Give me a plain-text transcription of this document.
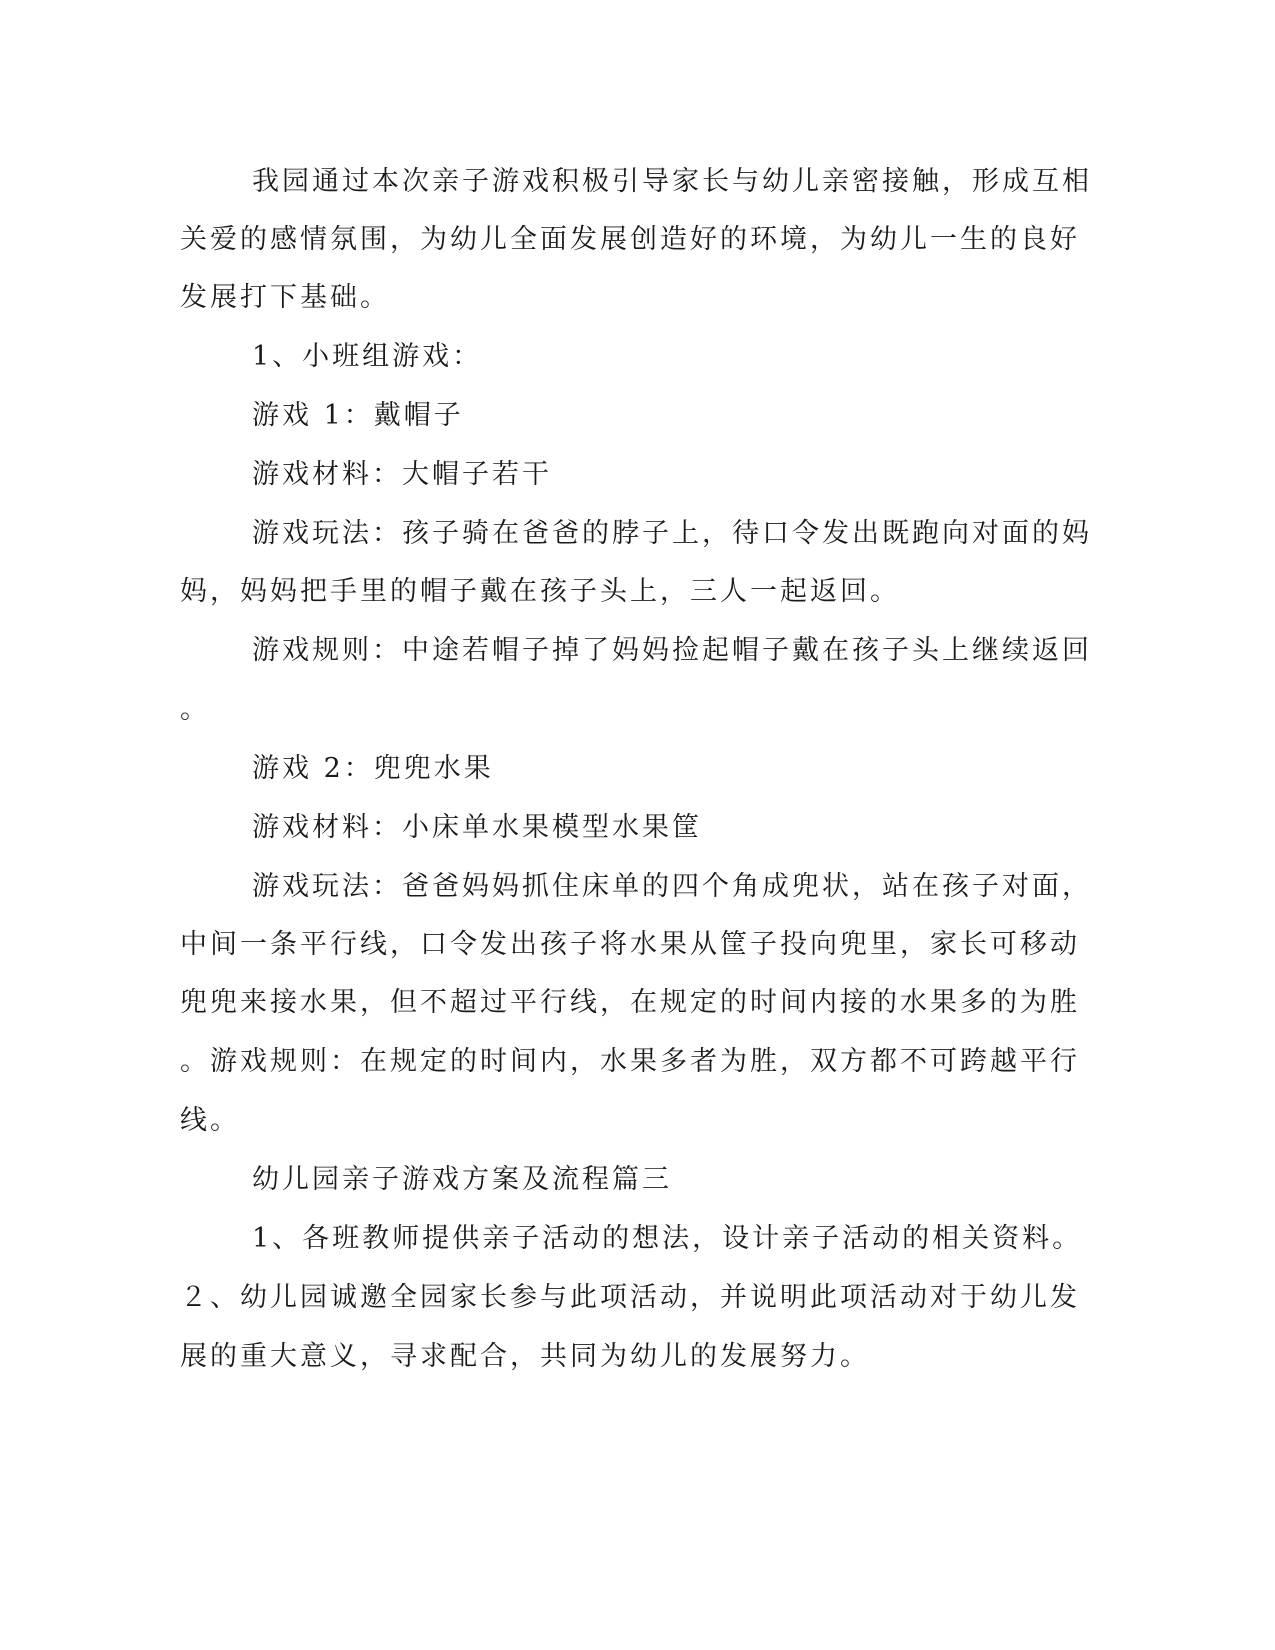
我园通过本次亲子游戏积极引导家长与幼儿亲密接触，形成互相
关爱的感情氛围，为幼儿全面发展创造好的环境，为幼儿一生的良好
发展打下基础。
1、小班组游戏：
游戏 1：戴帽子
游戏材料：大帽子若干
游戏玩法：孩子骑在爸爸的脖子上，待口令发出既跑向对面的妈
妈，妈妈把手里的帽子戴在孩子头上，三人一起返回。
游戏规则：中途若帽子掉了妈妈捡起帽子戴在孩子头上继续返回
。
游戏 2：兜兜水果
游戏材料：小床单水果模型水果筐
游戏玩法：爸爸妈妈抓住床单的四个角成兜状，站在孩子对面，
中间一条平行线，口令发出孩子将水果从筐子投向兜里，家长可移动
兜兜来接水果，但不超过平行线，在规定的时间内接的水果多的为胜
。游戏规则：在规定的时间内，水果多者为胜，双方都不可跨越平行
线。
幼儿园亲子游戏方案及流程篇三
1、各班教师提供亲子活动的想法，设计亲子活动的相关资料。
２、幼儿园诚邀全园家长参与此项活动，并说明此项活动对于幼儿发
展的重大意义，寻求配合，共同为幼儿的发展努力。
